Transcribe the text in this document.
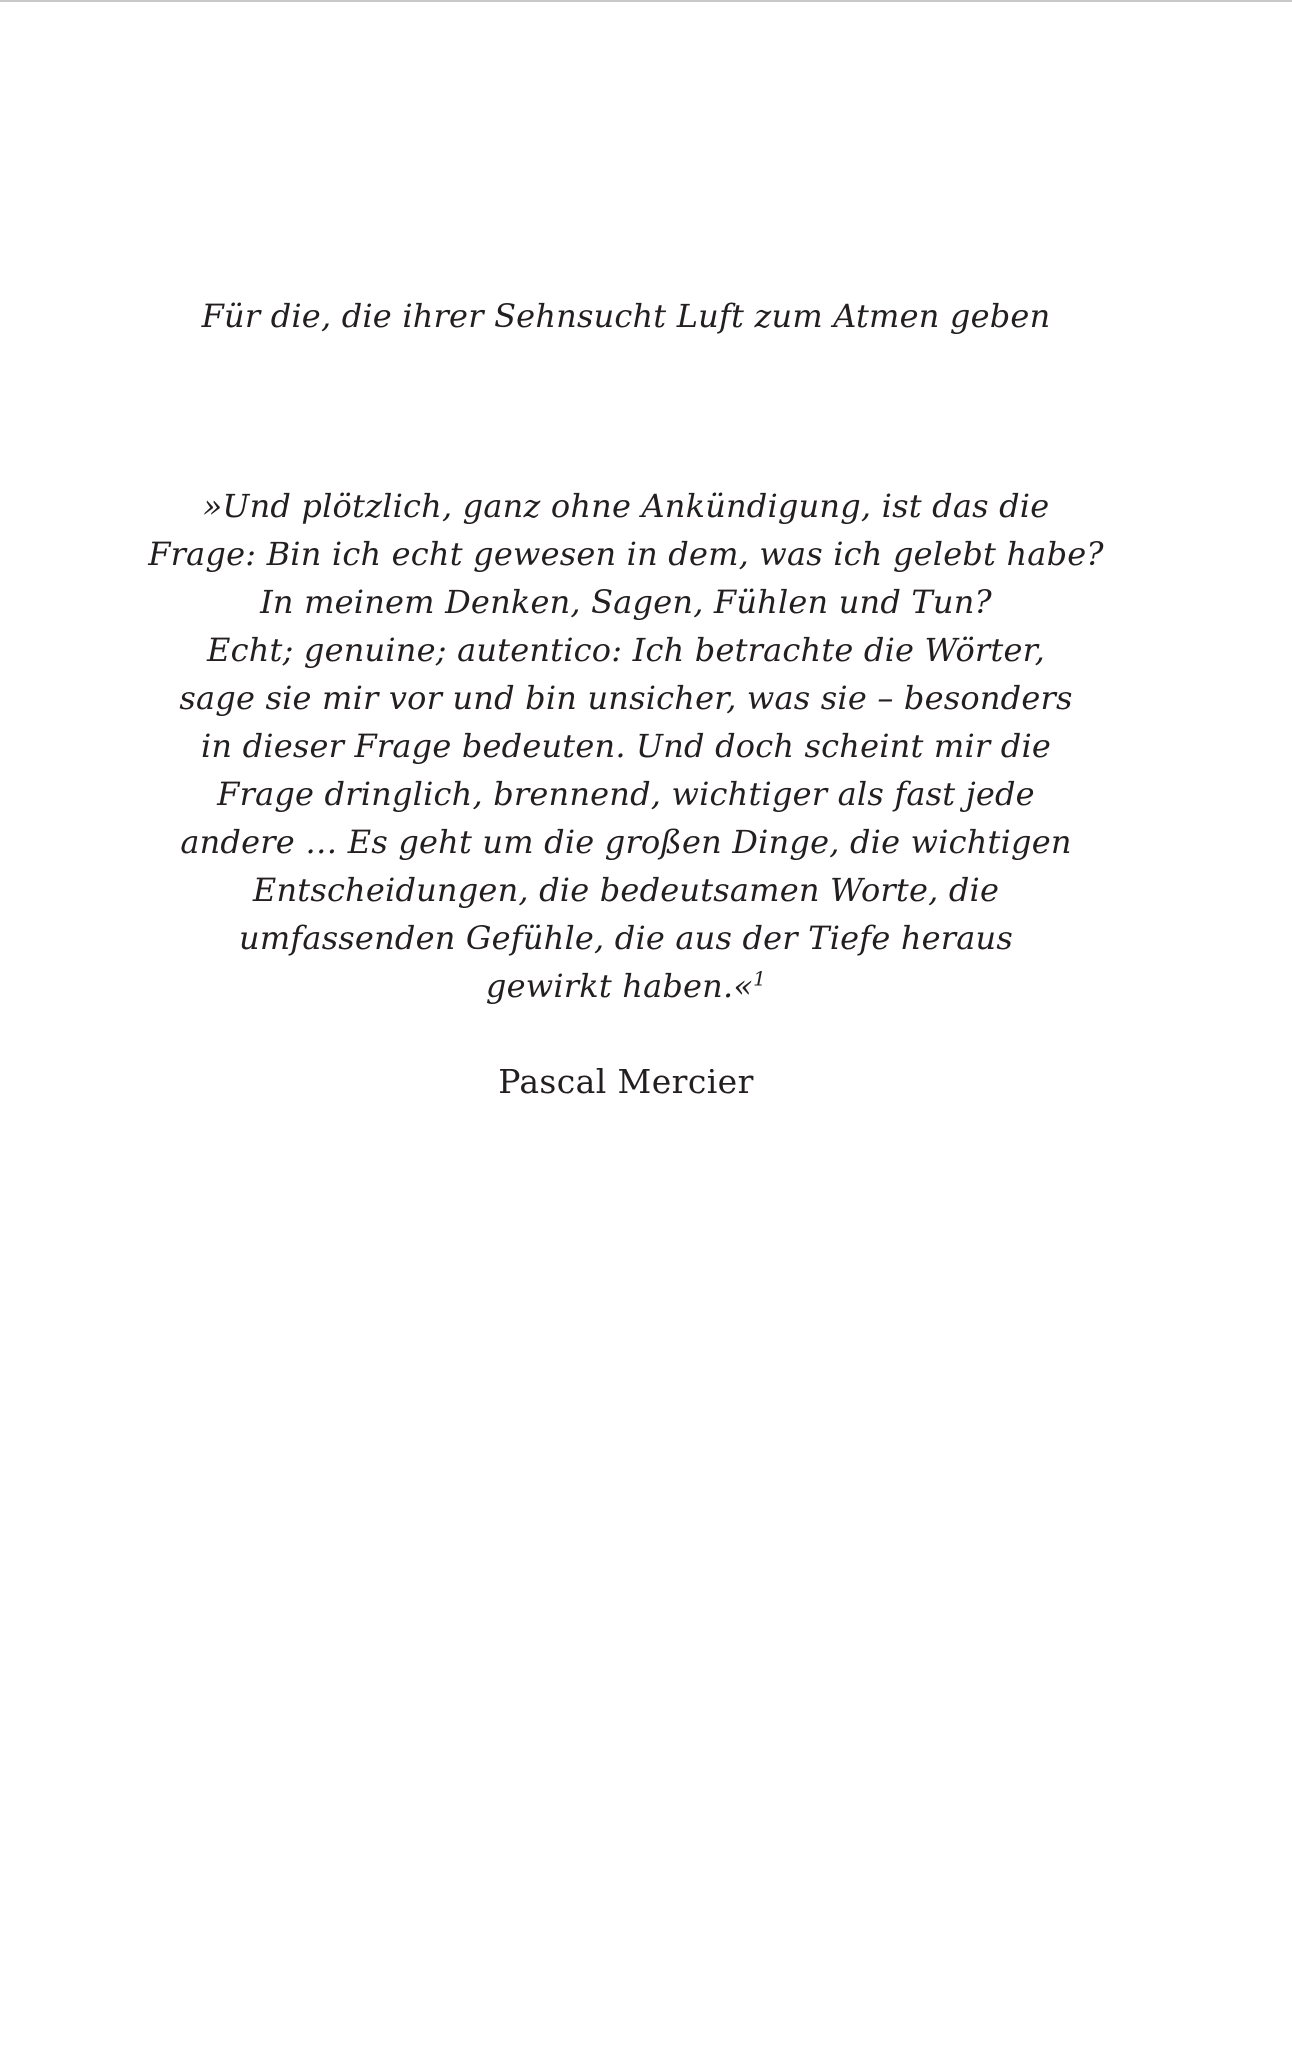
Für die, die ihrer Sehnsucht Luft zum Atmen geben
»Und plötzlich, ganz ohne Ankündigung, ist das die
Frage: Bin ich echt gewesen in dem, was ich gelebt habe?
In meinem Denken, Sagen, Fühlen und Tun?
Echt; genuine; autentico: Ich betrachte die Wörter,
sage sie mir vor und bin unsicher, was sie – besonders
in dieser Frage bedeuten. Und doch scheint mir die
Frage dringlich, brennend, wichtiger als fast jede
andere … Es geht um die großen Dinge, die wichtigen
Entscheidungen, die bedeutsamen Worte, die
umfassenden Gefühle, die aus der Tiefe heraus
gewirkt haben.«$^1$
Pascal Mercier
